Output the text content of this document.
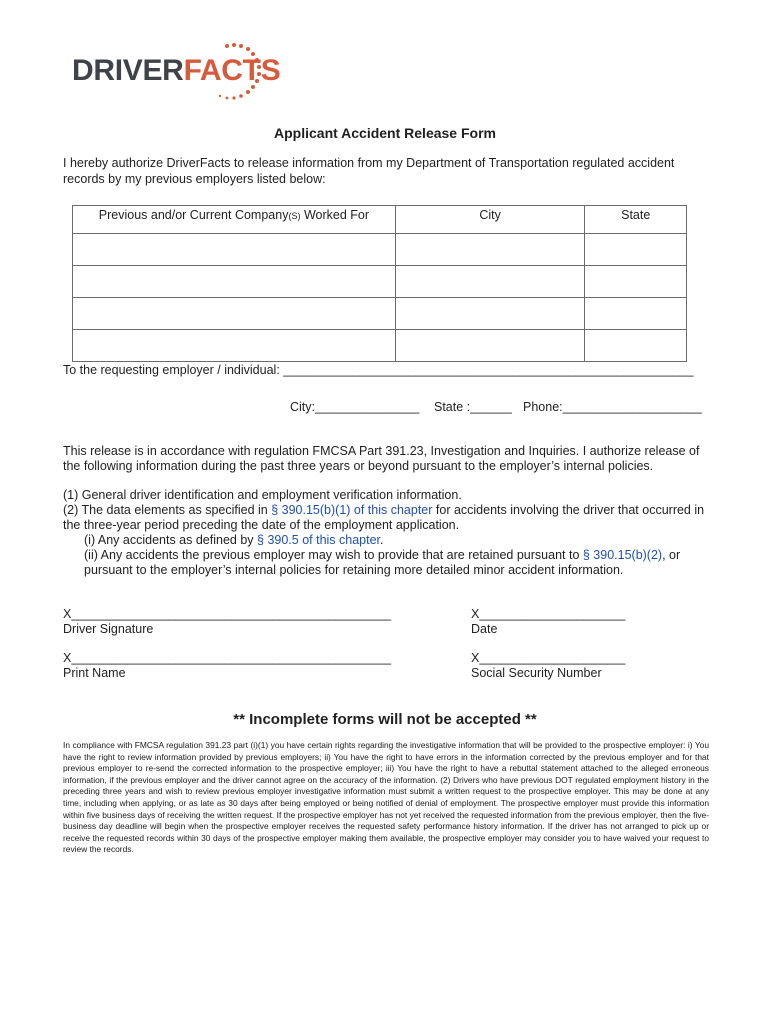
DRIVERFACTS
Applicant Accident Release Form
I hereby authorize DriverFacts to release information from my Department of Transportation regulated accident records by my previous employers listed below:
Previous and/or Current Company(S) Worked For	City	State

To the requesting employer / individual: ___________________________________________________________
City:_______________ State :______ Phone:____________________
This release is in accordance with regulation FMCSA Part 391.23, Investigation and Inquiries. I authorize release of the following information during the past three years or beyond pursuant to the employer’s internal policies.
(1) General driver identification and employment verification information.
(2) The data elements as specified in § 390.15(b)(1) of this chapter for accidents involving the driver that occurred in the three-year period preceding the date of the employment application.
(i) Any accidents as defined by § 390.5 of this chapter.
(ii) Any accidents the previous employer may wish to provide that are retained pursuant to § 390.15(b)(2), or pursuant to the employer’s internal policies for retaining more detailed minor accident information.
X______________________________________________
Driver Signature
X_____________________
Date
X______________________________________________
Print Name
X_____________________
Social Security Number
** Incomplete forms will not be accepted **
In compliance with FMCSA regulation 391.23 part (i)(1) you have certain rights regarding the investigative information that will be provided to the prospective employer: i) You have the right to review information provided by previous employers; ii) You have the right to have errors in the information corrected by the previous employer and for that previous employer to re-send the corrected information to the prospective employer; iii) You have the right to have a rebuttal statement attached to the alleged erroneous information, if the previous employer and the driver cannot agree on the accuracy of the information. (2) Drivers who have previous DOT regulated employment history in the preceding three years and wish to review previous employer investigative information must submit a written request to the prospective employer. This may be done at any time, including when applying, or as late as 30 days after being employed or being notified of denial of employment. The prospective employer must provide this information within five business days of receiving the written request. If the prospective employer has not yet received the requested information from the previous employer, then the five-business day deadline will begin when the prospective employer receives the requested safety performance history information. If the driver has not arranged to pick up or receive the requested records within 30 days of the prospective employer making them available, the prospective employer may consider you to have waived your request to review the records.
